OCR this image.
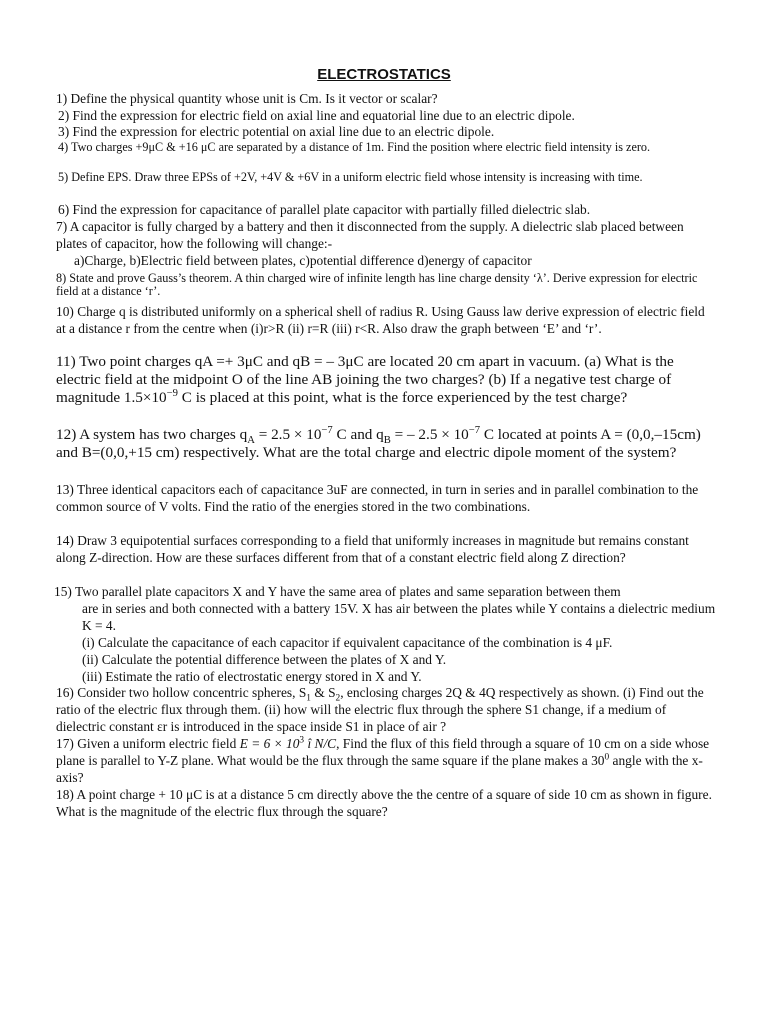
ELECTROSTATICS
1) Define the physical quantity whose unit is Cm. Is it vector or scalar?
2) Find the expression for electric field on axial line and equatorial line due to an electric dipole.
3) Find the expression for electric potential on axial line due to an electric dipole.
4) Two charges +9μC & +16 μC are separated by a distance of 1m. Find the position where electric field intensity is zero.
5) Define EPS. Draw three EPSs of +2V, +4V & +6V in a uniform electric field whose intensity is increasing with time.
6) Find the expression for capacitance of parallel plate capacitor with partially filled dielectric slab.
7) A capacitor is fully charged by a battery and then it disconnected from the supply. A dielectric slab placed between plates of capacitor, how the following will change:-
a)Charge, b)Electric field between plates, c)potential difference d)energy of capacitor
8) State and prove Gauss’s theorem. A thin charged wire of infinite length has line charge density ‘λ’. Derive expression for electric field at a distance ‘r’.
10) Charge q is distributed uniformly on a spherical shell of radius R. Using Gauss law derive expression of electric field at a distance r from the centre when (i)r>R (ii) r=R (iii) r<R. Also draw the graph between ‘E’ and ‘r’.
11) Two point charges qA =+ 3μC and qB = – 3μC are located 20 cm apart in vacuum. (a) What is the electric field at the midpoint O of the line AB joining the two charges? (b) If a negative test charge of magnitude $1.5\times 10^{-9}$ C is placed at this point, what is the force experienced by the test charge?
12) A system has two charges $q_A = 2.5 \times 10^{-7}$ C and $q_B$ = – $2.5 \times 10^{-7}$ C located at points A = (0,0,–15cm) and B=(0,0,+15 cm) respectively. What are the total charge and electric dipole moment of the system?
13) Three identical capacitors each of capacitance 3uF are connected, in turn in series and in parallel combination to the common source of V volts. Find the ratio of the energies stored in the two combinations.
14) Draw 3 equipotential surfaces corresponding to a field that uniformly increases in magnitude but remains constant along Z-direction. How are these surfaces different from that of a constant electric field along Z direction?
15) Two parallel plate capacitors X and Y have the same area of plates and same separation between them
are in series and both connected with a battery 15V. X has air between the plates while Y contains a dielectric medium K = 4.
(i) Calculate the capacitance of each capacitor if equivalent capacitance of the combination is 4 μF.
(ii) Calculate the potential difference between the plates of X and Y.
(iii) Estimate the ratio of electrostatic energy stored in X and Y.
16) Consider two hollow concentric spheres, $S_1$ & $S_2$, enclosing charges 2Q & 4Q respectively as shown. (i) Find out the ratio of the electric flux through them. (ii) how will the electric flux through the sphere S1 change, if a medium of dielectric constant εr is introduced in the space inside S1 in place of air ?
17) Given a uniform electric field $E = 6 \times 10^3$ î N/C, Find the flux of this field through a square of 10 cm on a side whose plane is parallel to Y-Z plane. What would be the flux through the same square if the plane makes a $30^0$ angle with the x- axis?
18) A point charge + 10 μC is at a distance 5 cm directly above the the centre of a square of side 10 cm as shown in figure. What is the magnitude of the electric flux through the square?
